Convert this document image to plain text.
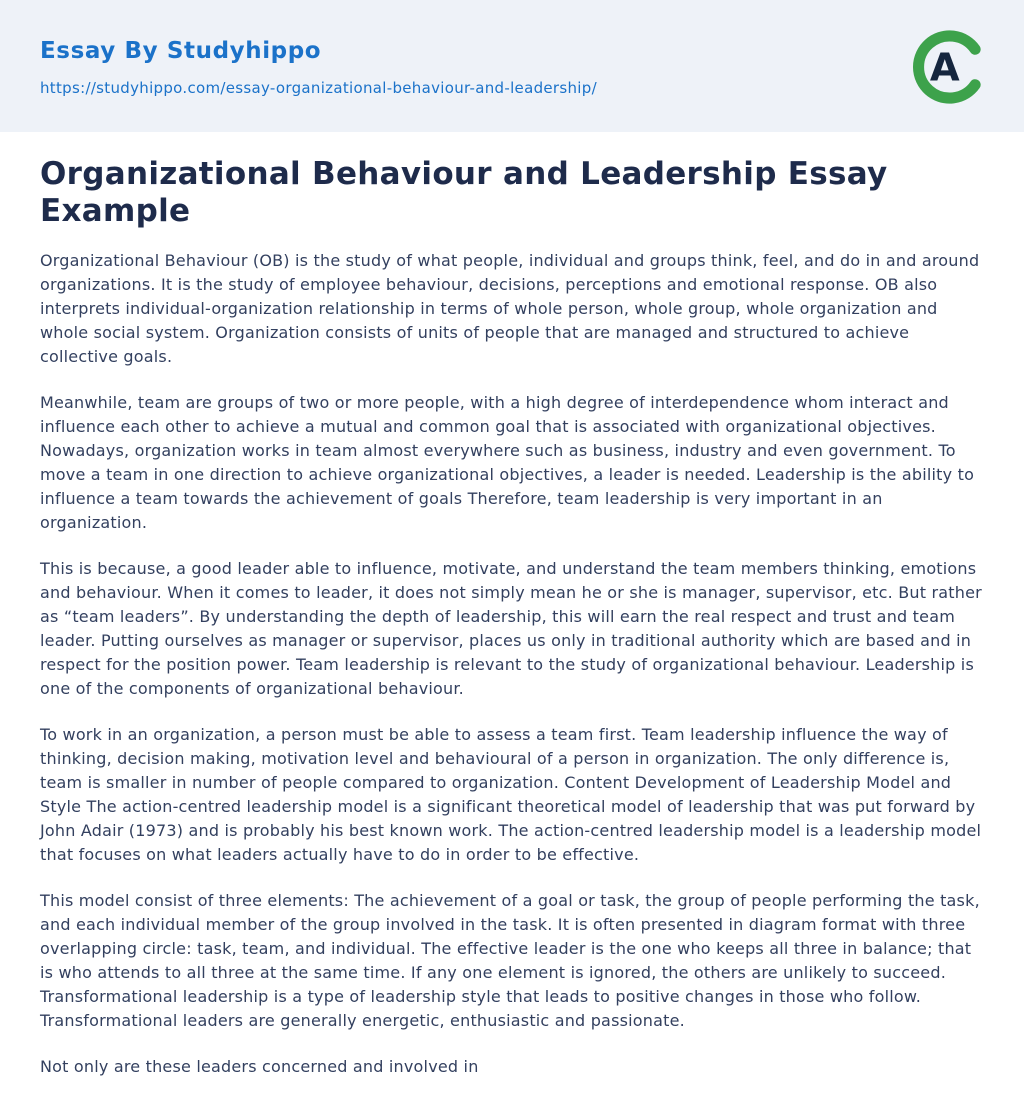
Essay By Studyhippo
https://studyhippo.com/essay-organizational-behaviour-and-leadership/	A
Organizational Behaviour and Leadership Essay Example

Organizational Behaviour (OB) is the study of what people, individual and groups think, feel, and do in and around organizations. It is the study of employee behaviour, decisions, perceptions and emotional response. OB also interprets individual-organization relationship in terms of whole person, whole group, whole organization and whole social system. Organization consists of units of people that are managed and structured to achieve collective goals.

Meanwhile, team are groups of two or more people, with a high degree of interdependence whom interact and influence each other to achieve a mutual and common goal that is associated with organizational objectives. Nowadays, organization works in team almost everywhere such as business, industry and even government. To move a team in one direction to achieve organizational objectives, a leader is needed. Leadership is the ability to influence a team towards the achievement of goals Therefore, team leadership is very important in an organization.

This is because, a good leader able to influence, motivate, and understand the team members thinking, emotions and behaviour. When it comes to leader, it does not simply mean he or she is manager, supervisor, etc. But rather as “team leaders”. By understanding the depth of leadership, this will earn the real respect and trust and team leader. Putting ourselves as manager or supervisor, places us only in traditional authority which are based and in respect for the position power. Team leadership is relevant to the study of organizational behaviour. Leadership is one of the components of organizational behaviour.

To work in an organization, a person must be able to assess a team first. Team leadership influence the way of thinking, decision making, motivation level and behavioural of a person in organization. The only difference is, team is smaller in number of people compared to organization. Content Development of Leadership Model and Style The action-centred leadership model is a significant theoretical model of leadership that was put forward by John Adair (1973) and is probably his best known work. The action-centred leadership model is a leadership model that focuses on what leaders actually have to do in order to be effective.

This model consist of three elements: The achievement of a goal or task, the group of people performing the task, and each individual member of the group involved in the task. It is often presented in diagram format with three overlapping circle: task, team, and individual. The effective leader is the one who keeps all three in balance; that is who attends to all three at the same time. If any one element is ignored, the others are unlikely to succeed. Transformational leadership is a type of leadership style that leads to positive changes in those who follow. Transformational leaders are generally energetic, enthusiastic and passionate.

Not only are these leaders concerned and involved in
